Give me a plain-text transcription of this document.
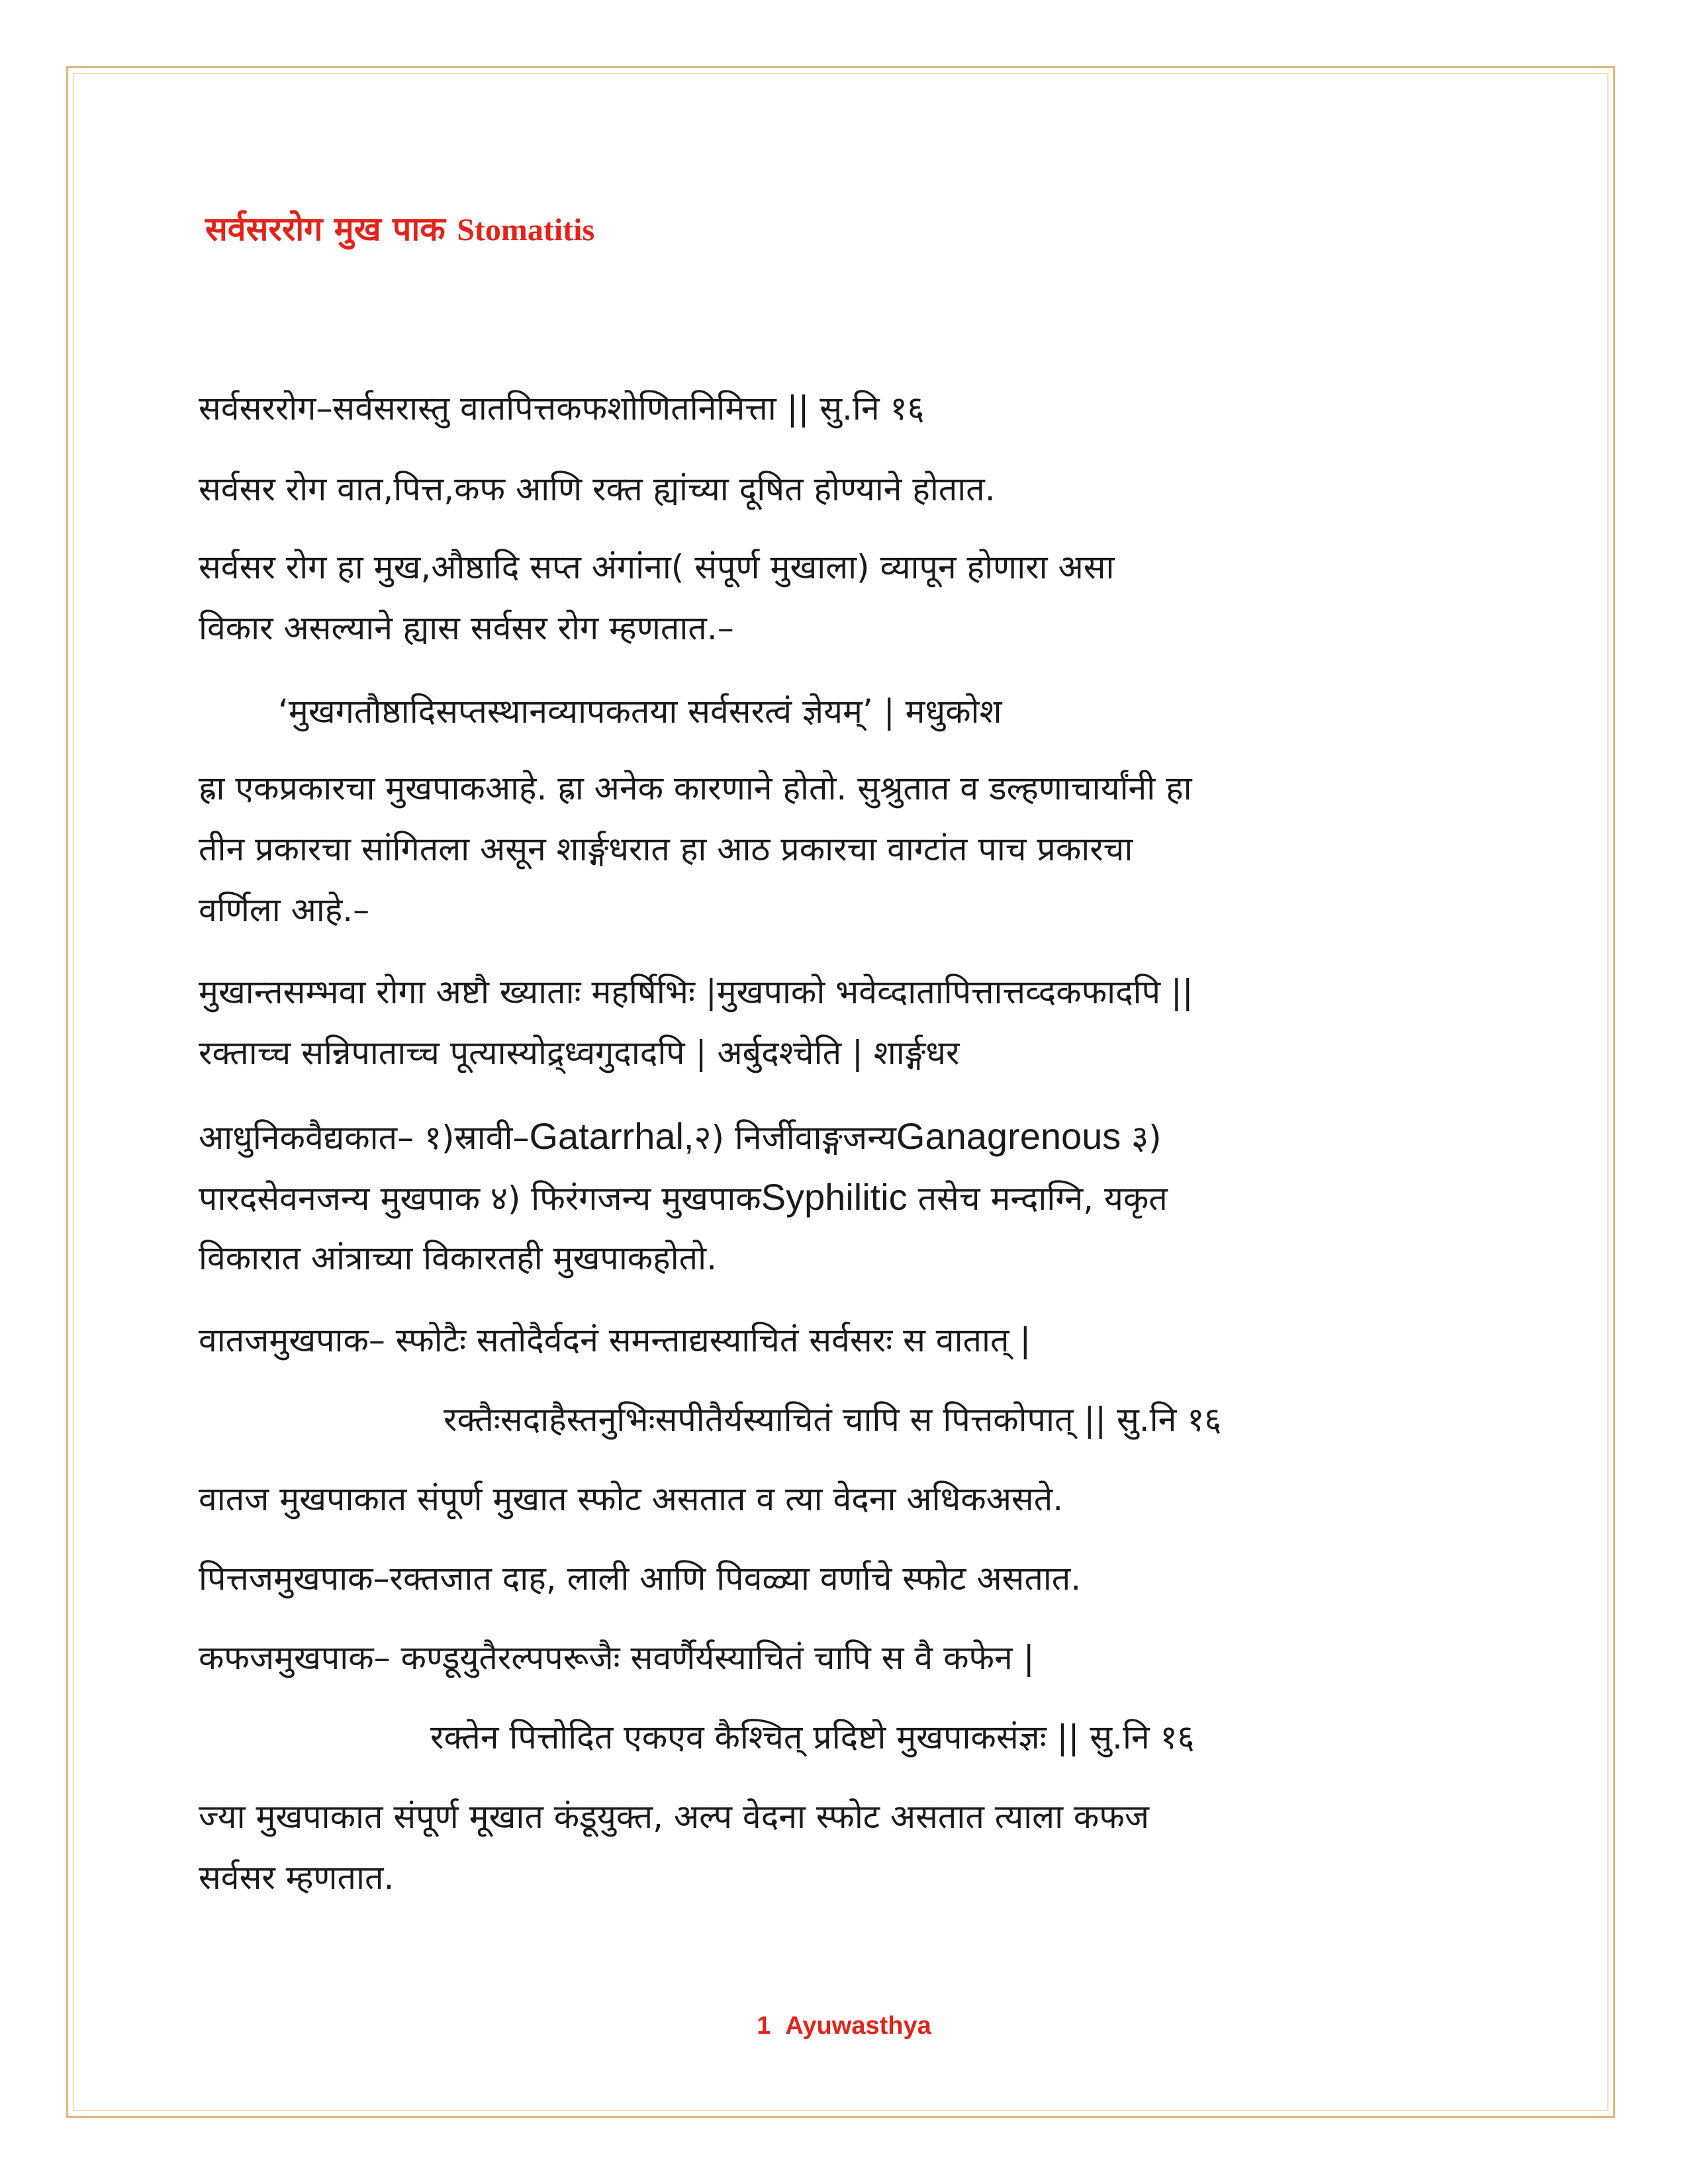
सर्वसररोग मुख पाक Stomatitis
सर्वसररोग–सर्वसरास्तु वातपित्तकफशोणितनिमित्ता |‌| सु.नि १६
सर्वसर रोग वात,पित्त,कफ आणि रक्त ह्यांच्या दूषित होण्याने होतात.
सर्वसर रोग हा मुख,औष्ठादि सप्त अंगांना( संपूर्ण मुखाला) व्यापून होणारा असा
विकार असल्याने ह्यास सर्वसर रोग म्हणतात.–
‘मुखगतौष्ठादिसप्तस्थानव्यापकतया सर्वसरत्वं ज्ञेयम्’ | मधुकोश
ह्रा एकप्रकारचा मुखपाकआहे. ह्रा अनेक कारणाने होतो. सुश्रुतात व डल्हणाचार्यांनी हा
तीन प्रकारचा सांगितला असून शार्ङ्गधरात हा आठ प्रकारचा वाग्टांत पाच प्रकारचा
वर्णिला आहे.–
मुखान्तसम्भवा रोगा अष्टौ ख्याताः महर्षिभिः |मुखपाको भवेव्दातापित्तात्तव्दकफादपि ||
रक्ताच्च सन्निपाताच्च पूत्यास्योद्र्ध्वगुदादपि | अर्बुदश्चेति | शार्ङ्गधर
आधुनिकवैद्यकात– १)स्रावी–Gatarrhal,२) निर्जीवाङ्गजन्यGanagrenous ३)
पारदसेवनजन्य मुखपाक ४) फिरंगजन्य मुखपाकSyphilitic तसेच मन्दाग्नि, यकृत
विकारात आंत्राच्या विकारतही मुखपाकहोतो.
वातजमुखपाक– स्फोटैः सतोदैर्वदनं समन्ताद्यस्याचितं सर्वसरः स वातात् |
रक्तैःसदाहैस्तनुभिःसपीतैर्यस्याचितं चापि स पित्तकोपात् || सु.नि १६
वातज मुखपाकात संपूर्ण मुखात स्फोट असतात व त्या वेदना अधिकअसते.
पित्तजमुखपाक–रक्तजात दाह, लाली आणि पिवळ्या वर्णाचे स्फोट असतात.
कफजमुखपाक– कण्डूयुतैरल्पपरूजैः सवर्णैर्यस्याचितं चापि स वै कफेन |
रक्तेन पित्तोदित एकएव कैश्चित् प्रदिष्टो मुखपाकसंज्ञः || सु.नि १६
ज्या मुखपाकात संपूर्ण मूखात कंडूयुक्त, अल्प वेदना स्फोट असतात त्याला कफज
सर्वसर म्हणतात.
1 Ayuwasthya
